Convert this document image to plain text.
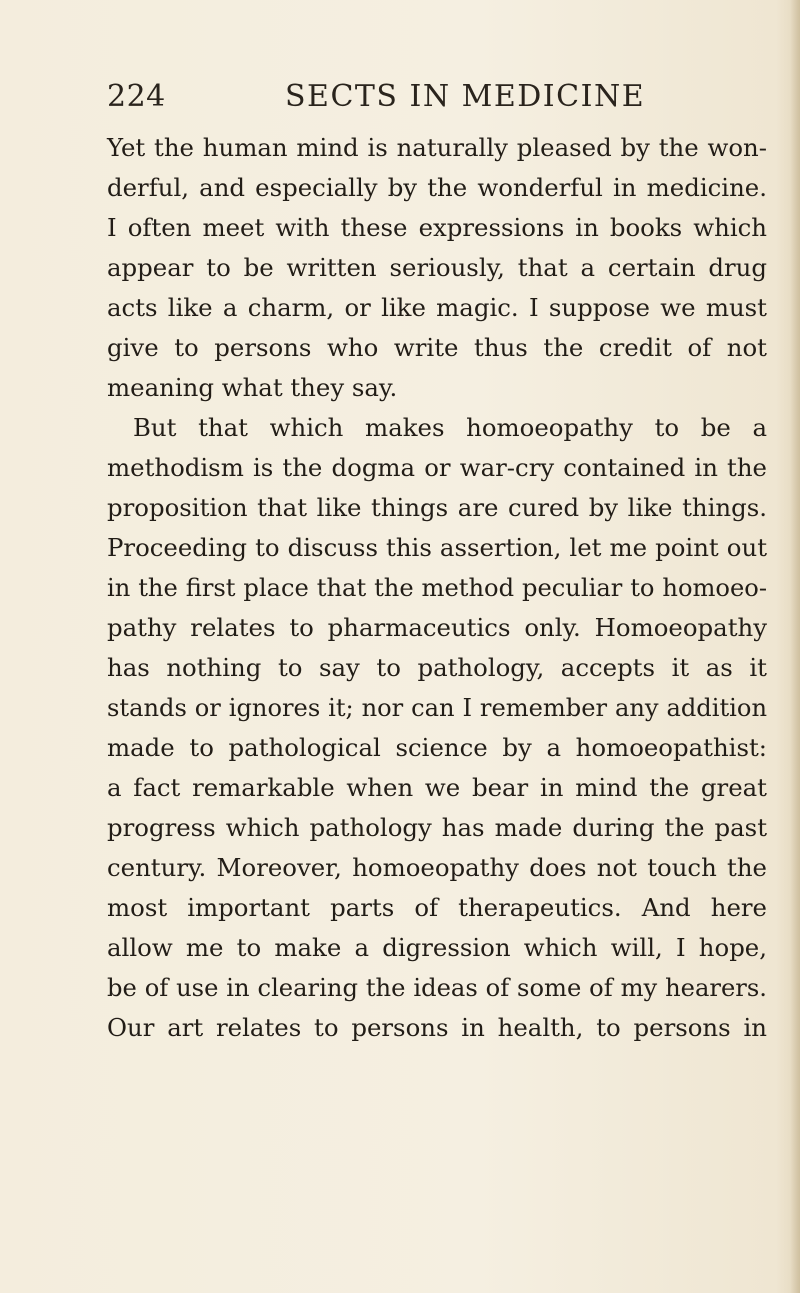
224	SECTS IN MEDICINE
Yet the human mind is naturally pleased by the won-
derful, and especially by the wonderful in medicine.
I often meet with these expressions in books which
appear to be written seriously, that a certain drug
acts like a charm, or like magic. I suppose we must
give to persons who write thus the credit of not
meaning what they say.
But that which makes homoeopathy to be a
methodism is the dogma or war-cry contained in the
proposition that like things are cured by like things.
Proceeding to discuss this assertion, let me point out
in the first place that the method peculiar to homoeo-
pathy relates to pharmaceutics only. Homoeopathy
has nothing to say to pathology, accepts it as it
stands or ignores it; nor can I remember any addition
made to pathological science by a homoeopathist:
a fact remarkable when we bear in mind the great
progress which pathology has made during the past
century. Moreover, homoeopathy does not touch the
most important parts of therapeutics. And here
allow me to make a digression which will, I hope,
be of use in clearing the ideas of some of my hearers.
Our art relates to persons in health, to persons in
